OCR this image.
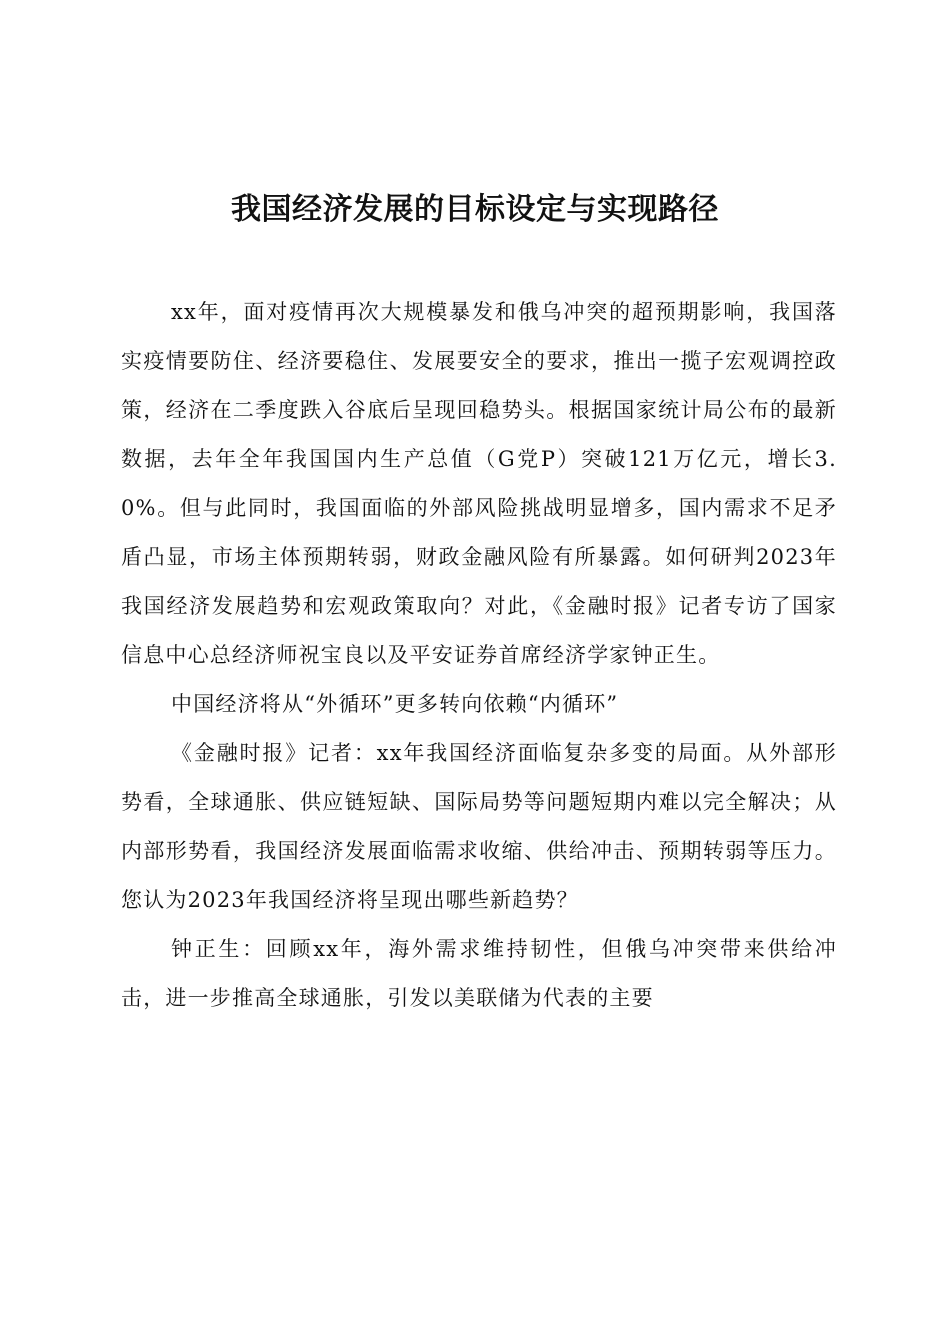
我国经济发展的目标设定与实现路径

xx年，面对疫情再次大规模暴发和俄乌冲突的超预期影响，我国落实疫情要防住、经济要稳住、发展要安全的要求，推出一揽子宏观调控政策，经济在二季度跌入谷底后呈现回稳势头。根据国家统计局公布的最新数据，去年全年我国国内生产总值（G党P）突破121万亿元，增长3.0%。但与此同时，我国面临的外部风险挑战明显增多，国内需求不足矛盾凸显，市场主体预期转弱，财政金融风险有所暴露。如何研判2023年我国经济发展趋势和宏观政策取向？对此，《金融时报》记者专访了国家信息中心总经济师祝宝良以及平安证券首席经济学家钟正生。

中国经济将从“外循环”更多转向依赖“内循环”

《金融时报》记者：xx年我国经济面临复杂多变的局面。从外部形势看，全球通胀、供应链短缺、国际局势等问题短期内难以完全解决；从内部形势看，我国经济发展面临需求收缩、供给冲击、预期转弱等压力。您认为2023年我国经济将呈现出哪些新趋势？

钟正生：回顾xx年，海外需求维持韧性，但俄乌冲突带来供给冲击，进一步推高全球通胀，引发以美联储为代表的主要
